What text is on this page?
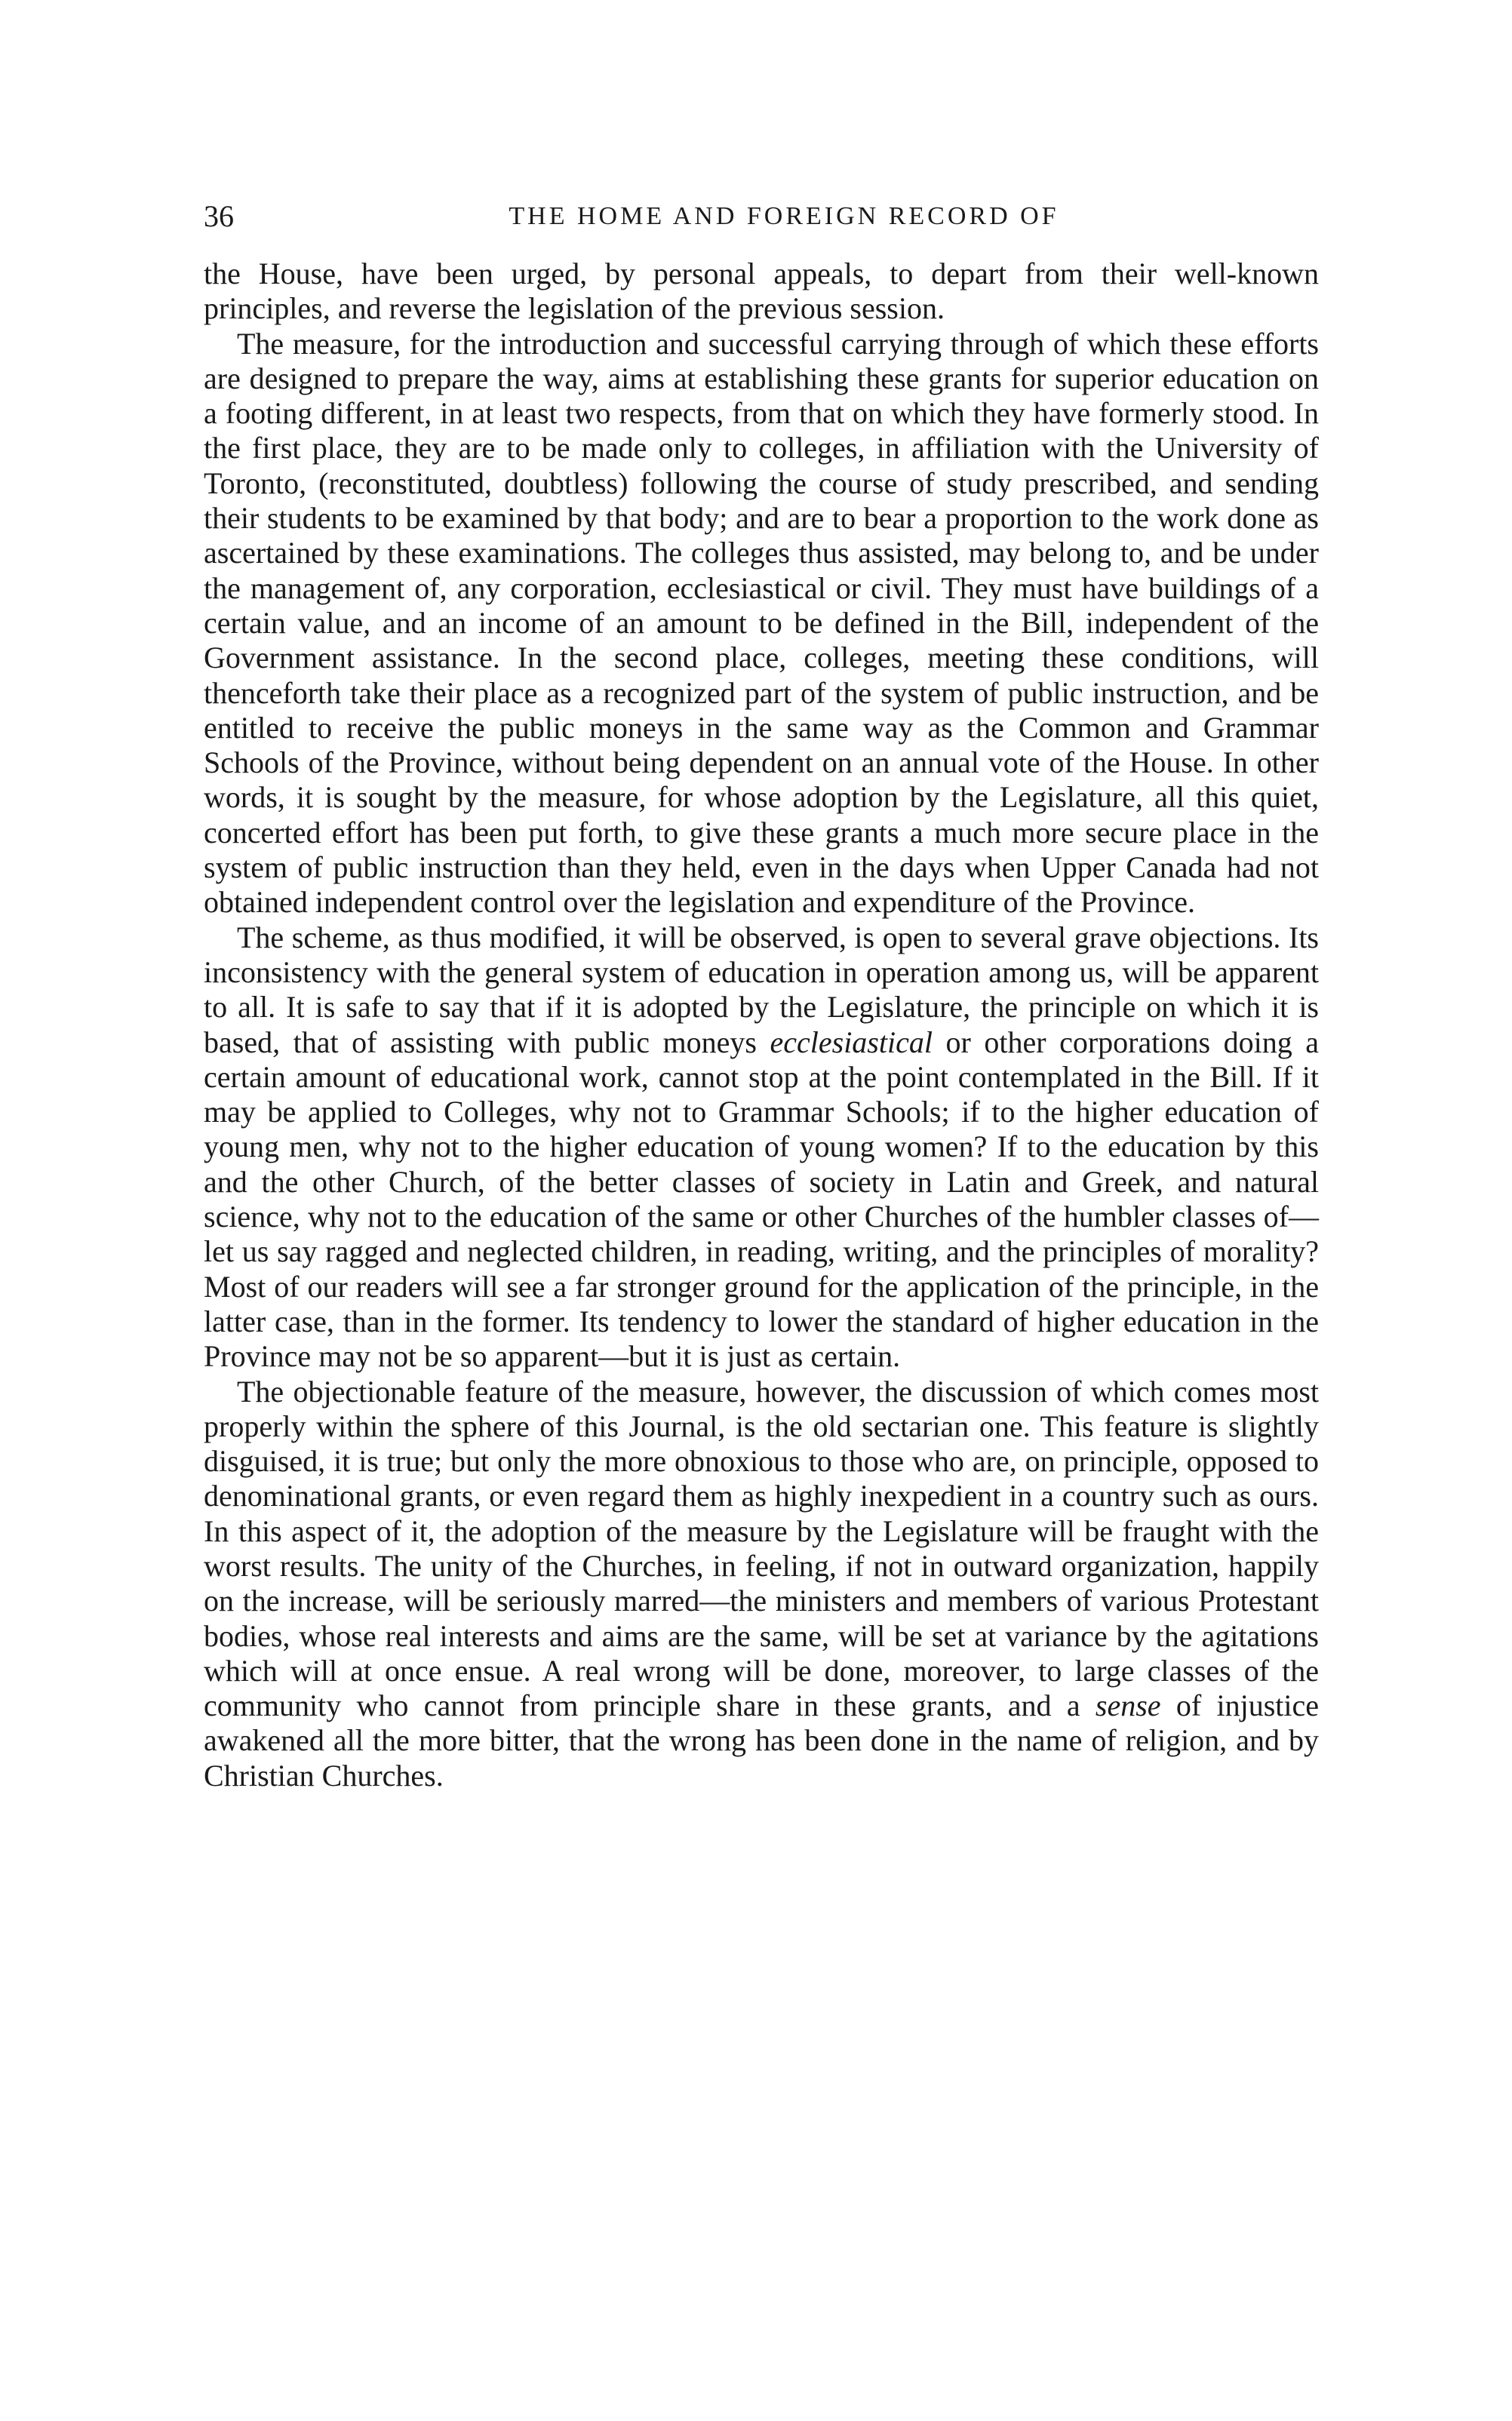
36	THE HOME AND FOREIGN RECORD OF

the House, have been urged, by personal appeals, to depart from their well-known principles, and reverse the legislation of the previous session.

The measure, for the introduction and successful carrying through of which these efforts are designed to prepare the way, aims at establishing these grants for superior education on a footing different, in at least two respects, from that on which they have formerly stood. In the first place, they are to be made only to colleges, in affiliation with the University of Toronto, (reconstituted, doubtless) following the course of study prescribed, and sending their students to be examined by that body; and are to bear a proportion to the work done as ascertained by these examinations. The colleges thus assisted, may belong to, and be under the management of, any corporation, ecclesiastical or civil. They must have buildings of a certain value, and an income of an amount to be defined in the Bill, independent of the Government assistance. In the second place, colleges, meeting these conditions, will thenceforth take their place as a recognized part of the system of public instruction, and be entitled to receive the public moneys in the same way as the Common and Grammar Schools of the Province, without being dependent on an annual vote of the House. In other words, it is sought by the measure, for whose adoption by the Legislature, all this quiet, concerted effort has been put forth, to give these grants a much more secure place in the system of public instruction than they held, even in the days when Upper Canada had not obtained independent control over the legislation and expenditure of the Province.

The scheme, as thus modified, it will be observed, is open to several grave objections. Its inconsistency with the general system of education in operation among us, will be apparent to all. It is safe to say that if it is adopted by the Legislature, the principle on which it is based, that of assisting with public moneys ecclesiastical or other corporations doing a certain amount of educational work, cannot stop at the point contemplated in the Bill. If it may be applied to Colleges, why not to Grammar Schools; if to the higher education of young men, why not to the higher education of young women? If to the education by this and the other Church, of the better classes of society in Latin and Greek, and natural science, why not to the education of the same or other Churches of the humbler classes of—let us say ragged and neglected children, in reading, writing, and the principles of morality? Most of our readers will see a far stronger ground for the application of the principle, in the latter case, than in the former. Its tendency to lower the standard of higher education in the Province may not be so apparent—but it is just as certain.

The objectionable feature of the measure, however, the discussion of which comes most properly within the sphere of this Journal, is the old sectarian one. This feature is slightly disguised, it is true; but only the more obnoxious to those who are, on principle, opposed to denominational grants, or even regard them as highly inexpedient in a country such as ours. In this aspect of it, the adoption of the measure by the Legislature will be fraught with the worst results. The unity of the Churches, in feeling, if not in outward organization, happily on the increase, will be seriously marred—the ministers and members of various Protestant bodies, whose real interests and aims are the same, will be set at variance by the agitations which will at once ensue. A real wrong will be done, moreover, to large classes of the community who cannot from principle share in these grants, and a sense of injustice awakened all the more bitter, that the wrong has been done in the name of religion, and by Christian Churches.
